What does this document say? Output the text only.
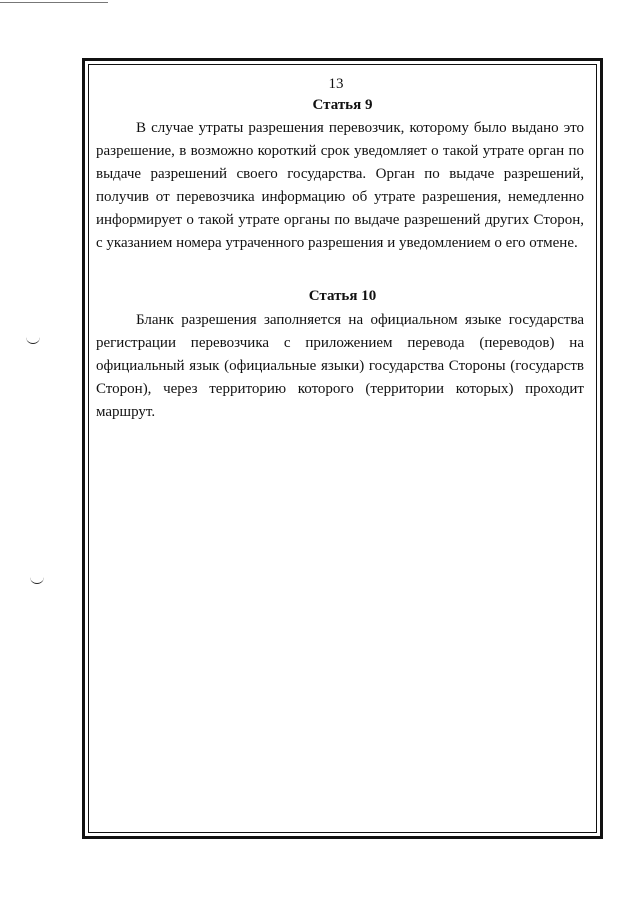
13
Статья 9

В случае утраты разрешения перевозчик, которому было выдано это разрешение, в возможно короткий срок уведомляет о такой утрате орган по выдаче разрешений своего государства. Орган по выдаче разрешений, получив от перевозчика информацию об утрате разрешения, немедленно информирует о такой утрате органы по выдаче разрешений других Сторон, с указанием номера утраченного разрешения и уведомлением о его отмене.

Статья 10

Бланк разрешения заполняется на официальном языке государства регистрации перевозчика с приложением перевода (переводов) на официальный язык (официальные языки) государства Стороны (государств Сторон), через территорию которого (территории которых) проходит маршрут.
